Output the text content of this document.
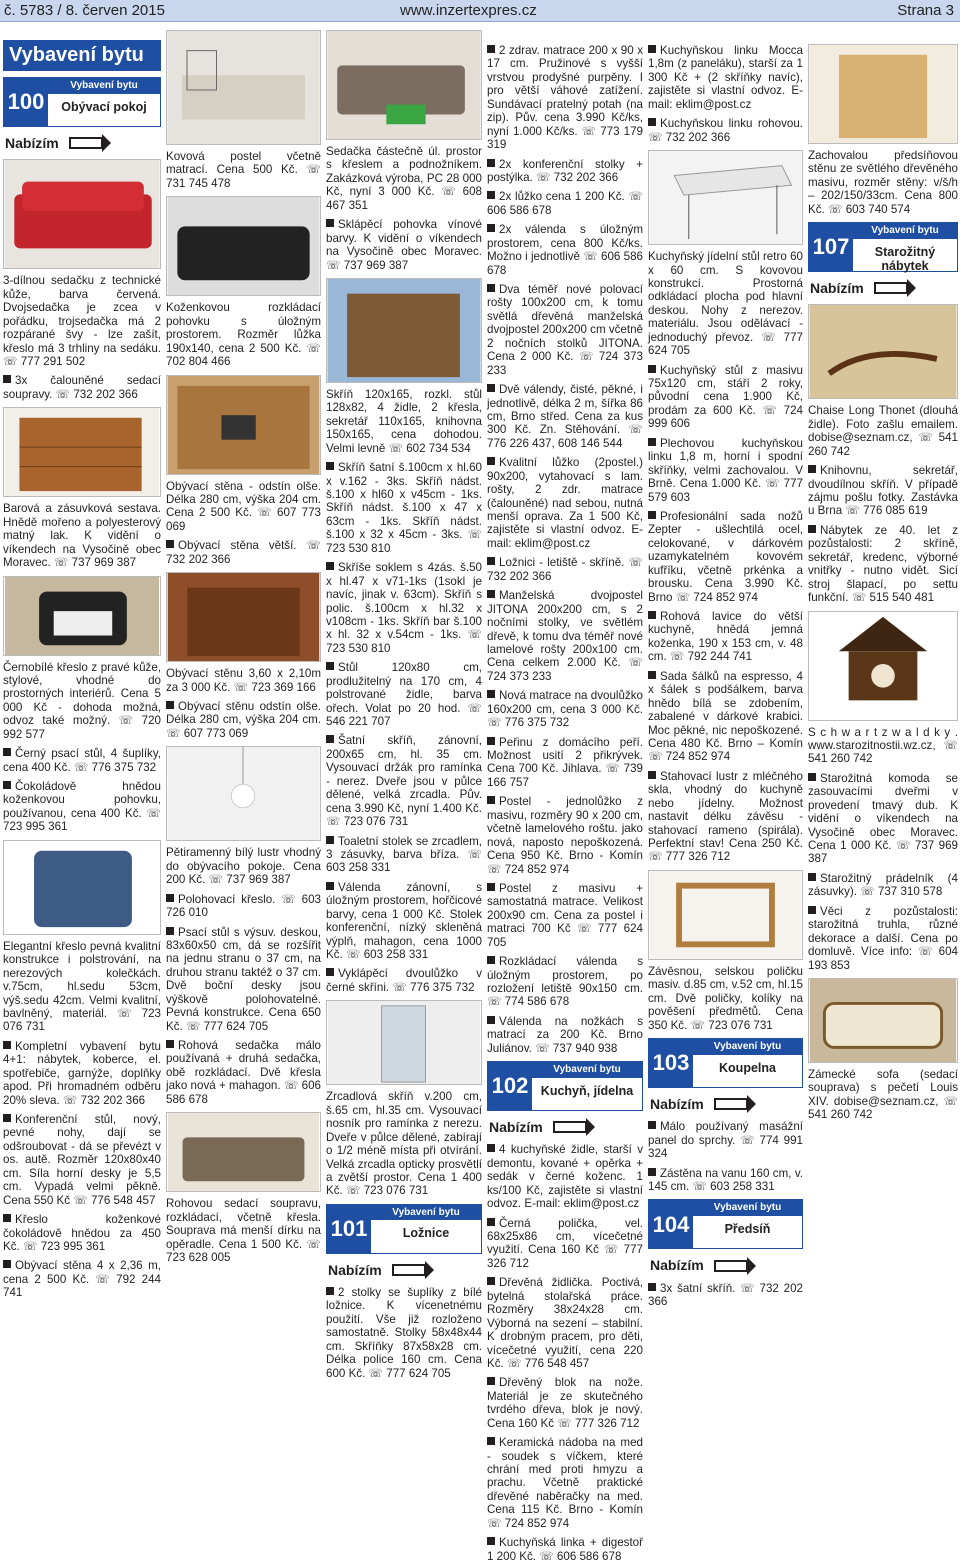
č. 5783 / 8. červen 2015	www.inzertexpres.cz	Strana 3
Vybavení bytu
100
Vybavení bytu
Obývací pokoj
Nabízím
3-dílnou sedačku z technické kůže, barva červená. Dvojsedačka je zcea v pořádku, trojsedačka má 2 rozpárané švy - lze zašít, křeslo má 3 trhliny na sedáku. ☏ 777 291 502
3x čalouněné sedací soupravy. ☏ 732 202 366
Barová a zásuvková sestava. Hnědě mořeno a polyesterový matný lak. K vidění o víkendech na Vysočině obec Moravec. ☏ 737 969 387
Černobílé křeslo z pravé kůže, stylové, vhodné do prostorných interiérů. Cena 5 000 Kč - dohoda možná, odvoz také možný. ☏ 720 992 577
Černý psací stůl, 4 šuplíky, cena 400 Kč. ☏ 776 375 732
Čokoládově hnědou koženkovou pohovku, používanou, cena 400 Kč. ☏ 723 995 361
Elegantní křeslo pevná kvalitní konstrukce i polstrování, na nerezových kolečkách. v.75cm, hl.sedu 53cm, výš.sedu 42cm. Velmi kvalitní, bavlněný, materiál. ☏ 723 076 731
Kompletní vybavení bytu 4+1: nábytek, koberce, el. spotřebiče, garnýže, doplňky apod. Při hromadném odběru 20% sleva. ☏ 732 202 366
Konferenční stůl, nový, pevné nohy, dají se odšroubovat - dá se převézt v os. autě. Rozměr 120x80x40 cm. Síla horní desky je 5,5 cm. Vypadá velmi pěkně. Cena 550 Kč ☏ 776 548 457
Křeslo koženkové čokoládově hnědou za 450 Kč. ☏ 723 995 361
Obývací stěna 4 x 2,36 m, cena 2 500 Kč. ☏ 792 244 741
Kovová postel včetně matrací. Cena 500 Kč. ☏ 731 745 478
Koženkovou rozkládací pohovku s úložným prostorem. Rozměr lůžka 190x140, cena 2 500 Kč. ☏ 702 804 466
Obývací stěna - odstín olše. Délka 280 cm, výška 204 cm. Cena 2 500 Kč. ☏ 607 773 069
Obývací stěna větší. ☏ 732 202 366
Obývací stěnu 3,60 x 2,10m za 3 000 Kč. ☏ 723 369 166
Obývací stěnu odstín olše. Délka 280 cm, výška 204 cm. ☏ 607 773 069
Pětiramenný bílý lustr vhodný do obývacího pokoje. Cena 200 Kč. ☏ 737 969 387
Polohovací křeslo. ☏ 603 726 010
Psací stůl s výsuv. deskou, 83x60x50 cm, dá se rozšířit na jednu stranu o 37 cm, na druhou stranu taktéž o 37 cm. Dvě boční desky jsou výškově polohovatelné. Pevná konstrukce. Cena 650 Kč. ☏ 777 624 705
Rohová sedačka málo používaná + druhá sedačka, obě rozkládací. Dvě křesla jako nová + mahagon. ☏ 606 586 678
Rohovou sedací soupravu, rozkládací, včetně křesla. Souprava má menší dírku na opěradle. Cena 1 500 Kč. ☏ 723 628 005
Sedačka částečně úl. prostor s křeslem a podnožníkem. Zakázková výroba, PC 28 000 Kč, nyní 3 000 Kč. ☏ 608 467 351
Sklápěcí pohovka vínové barvy. K vidění o víkendech na Vysočině obec Moravec. ☏ 737 969 387
Skříň 120x165, rozkl. stůl 128x82, 4 židle, 2 křesla, sekretář 110x165, knihovna 150x165, cena dohodou. Velmi levně ☏ 602 734 534
Skříň šatní š.100cm x hl.60 x v.162 - 3ks. Skříň nádst. š.100 x hl60 x v45cm - 1ks. Skříň nádst. š.100 x 47 x 63cm - 1ks. Skříň nádst. š.100 x 32 x 45cm - 3ks. ☏ 723 530 810
Skříše soklem s 4zás. š.50 x hl.47 x v71-1ks (1sokl je navíc, jinak v. 63cm). Skříň s polic. š.100cm x hl.32 x v108cm - 1ks. Skříň bar š.100 x hl. 32 x v.54cm - 1ks. ☏ 723 530 810
Stůl 120x80 cm, prodlužitelný na 170 cm, 4 polstrované židle, barva ořech. Volat po 20 hod. ☏ 546 221 707
Šatní skříň, zánovní, 200x65 cm, hl. 35 cm. Vysouvací držák pro ramínka - nerez. Dveře jsou v půlce dělené, velká zrcadla. Pův. cena 3.990 Kč, nyní 1.400 Kč. ☏ 723 076 731
Toaletní stolek se zrcadlem, 3 zásuvky, barva bříza. ☏ 603 258 331
Válenda zánovní, s úložným prostorem, hořčicové barvy, cena 1 000 Kč. Stolek konferenční, nízký skleněná výplň, mahagon, cena 1000 Kč. ☏ 603 258 331
Vyklápěcí dvoulůžko v černé skříni. ☏ 776 375 732
Zrcadlová skříň v.200 cm, š.65 cm, hl.35 cm. Vysouvací nosník pro ramínka z nerezu. Dveře v půlce dělené, zabírají o 1/2 méně místa při otvírání. Velká zrcadla opticky prosvětlí a zvětší prostor. Cena 1 400 Kč. ☏ 723 076 731
101
Vybavení bytu
Ložnice
Nabízím
2 stolky se šuplíky z bílé ložnice. K vícenetnému použití. Vše již rozloženo samostatně. Stolky 58x48x44 cm. Skříňky 87x58x28 cm. Délka police 160 cm. Cena 600 Kč. ☏ 777 624 705
2 zdrav. matrace 200 x 90 x 17 cm. Pružinové s vyšší vrstvou prodyšné purpěny. I pro větší váhové zatížení. Sundávací pratelný potah (na zip). Pův. cena 3.990 Kč/ks, nyní 1.000 Kč/ks. ☏ 773 179 319
2x konferenční stolky + postýlka. ☏ 732 202 366
2x lůžko cena 1 200 Kč. ☏ 606 586 678
2x válenda s úložným prostorem, cena 800 Kč/ks. Možno i jednotlivě ☏ 606 586 678
Dva téměř nové polovací rošty 100x200 cm, k tomu světlá dřevěná manželská dvojpostel 200x200 cm včetně 2 nočních stolků JITONA. Cena 2 000 Kč. ☏ 724 373 233
Dvě válendy, čisté, pěkné, i jednotlivě, délka 2 m, šířka 86 cm, Brno střed. Cena za kus 300 Kč. Zn. Stěhování. ☏ 776 226 437, 608 146 544
Kvalitní lůžko (2postel.) 90x200, vytahovací s lam. rošty, 2 zdr. matrace (čalouněné) nad sebou, nutná menší oprava. Za 1 500 Kč, zajistěte si vlastní odvoz. E-mail: eklim@post.cz
Ložnici - letiště - skříně. ☏ 732 202 366
Manželská dvojpostel JITONA 200x200 cm, s 2 nočními stolky, ve světlém dřevě, k tomu dva téměř nové lamelové rošty 200x100 cm. Cena celkem 2.000 Kč. ☏ 724 373 233
Nová matrace na dvoulůžko 160x200 cm, cena 3 000 Kč. ☏ 776 375 732
Peřinu z domácího peří. Možnost usití 2 přikrývek. Cena 700 Kč. Jihlava. ☏ 739 166 757
Postel - jednolůžko z masivu, rozměry 90 x 200 cm, včetně lamelového roštu. jako nová, naposto nepoškozená. Cena 950 Kč. Brno - Komín ☏ 724 852 974
Postel z masivu + samostatná matrace. Velikost 200x90 cm. Cena za postel i matraci 700 Kč ☏ 777 624 705
Rozkládací válenda s úložným prostorem, po rozložení letiště 90x150 cm. ☏ 774 586 678
Válenda na nožkách s matrací za 200 Kč. Brno Juliánov. ☏ 737 940 938
102
Vybavení bytu
Kuchyň, jídelna
Nabízím
4 kuchyňské židle, starší v demontu, kované + opěrka + sedák v černé koženc. 1 ks/100 Kč, zajistěte si vlastní odvoz. E-mail: eklim@post.cz
Černá polička, vel. 68x25x86 cm, vícečetné využití. Cena 160 Kč ☏ 777 326 712
Dřevěná židlička. Poctivá, bytelná stolařská práce. Rozměry 38x24x28 cm. Výborná na sezení – stabilní. K drobným pracem, pro děti, vícečetné využití, cena 220 Kč. ☏ 776 548 457
Dřevěný blok na nože. Materiál je ze skutečného tvrdého dřeva, blok je nový. Cena 160 Kč ☏ 777 326 712
Keramická nádoba na med - soudek s víčkem, které chrání med proti hmyzu a prachu. Včetně praktické dřevěné naběračky na med. Cena 115 Kč. Brno - Komín ☏ 724 852 974
Kuchyňská linka + digestoř 1 200 Kč. ☏ 606 586 678
Kuchyňskou linku Mocca 1,8m (z paneláku), starší za 1 300 Kč + (2 skříňky navíc), zajistěte si vlastní odvoz. E-mail: eklim@post.cz
Kuchyňskou linku rohovou. ☏ 732 202 366
Kuchyňský jídelní stůl retro 60 x 60 cm. S kovovou konstrukcí. Prostorná odkládací plocha pod hlavní deskou. Nohy z nerezov. materiálu. Jsou odělávací - jednoduchý převoz. ☏ 777 624 705
Kuchyňský stůl z masivu 75x120 cm, stáří 2 roky, původní cena 1.900 Kč, prodám za 600 Kč. ☏ 724 999 606
Plechovou kuchyňskou linku 1,8 m, horní i spodní skříňky, velmi zachovalou. V Brně. Cena 1.000 Kč. ☏ 777 579 603
Profesionální sada nožů Zepter - ušlechtilá ocel, celokované, v dárkovém uzamykatelném kovovém kufříku, včetně prkénka a brousku. Cena 3.990 Kč. Brno ☏ 724 852 974
Rohová lavice do větší kuchyně, hnědá jemná koženka, 190 x 153 cm, v. 48 cm. ☏ 792 244 741
Sada šálků na espresso, 4 x šálek s podšálkem, barva hnědo bílá se zdobením, zabalené v dárkové krabici. Moc pěkné, nic nepoškozené. Cena 480 Kč. Brno – Komín ☏ 724 852 974
Stahovací lustr z mléčného skla, vhodný do kuchyně nebo jídelny. Možnost nastavit délku závěsu - stahovací ramenо (spirála). Perfektní stav! Cena 250 Kč. ☏ 777 326 712
Závěsnou, selskou poličku masiv. d.85 cm, v.52 cm, hl.15 cm. Dvě poličky, kolíky na pověšení předmětů. Cena 350 Kč. ☏ 723 076 731
103
Vybavení bytu
Koupelna
Nabízím
Málo používaný masážní panel do sprchy. ☏ 774 991 324
Zástěna na vanu 160 cm, v. 145 cm. ☏ 603 258 331
104
Vybavení bytu
Předsíň
Nabízím
3x šatní skříň. ☏ 732 202 366
Zachovalou předsíňovou stěnu ze světlého dřevěného masivu, rozměr stěny: v/š/h – 202/150/33cm. Cena 800 Kč. ☏ 603 740 574
107
Vybavení bytu
Starožitný nábytek
Nabízím
Chaise Long Thonet (dlouhá židle). Foto zašlu emailem. dobise@seznam.cz, ☏ 541 260 742
Knihovnu, sekretář, dvoudílnou skříň. V případě zájmu pošlu fotky. Zastávka u Brna ☏ 776 085 619
Nábytek ze 40. let z pozůstalosti: 2 skříně, sekretář, kredenc, výborné vnitřky - nutno vidět. Sicí stroj šlapací, po settu funkční. ☏ 515 540 481
S c h w a r t z w a l d k y . www.starozitnostii.wz.cz, ☏ 541 260 742
Starožitná komoda se zasouvacími dveřmi v provedení tmavý dub. K vidění o víkendech na Vysočině obec Moravec. Cena 1 000 Kč. ☏ 737 969 387
Starožitný prádelník (4 zásuvky). ☏ 737 310 578
Věci z pozůstalosti: starožitná truhla, různé dekorace a další. Cena po domluvě. Více info: ☏ 604 193 853
Zámecké sofa (sedací souprava) s pečetí Louis XIV. dobise@seznam.cz, ☏ 541 260 742
